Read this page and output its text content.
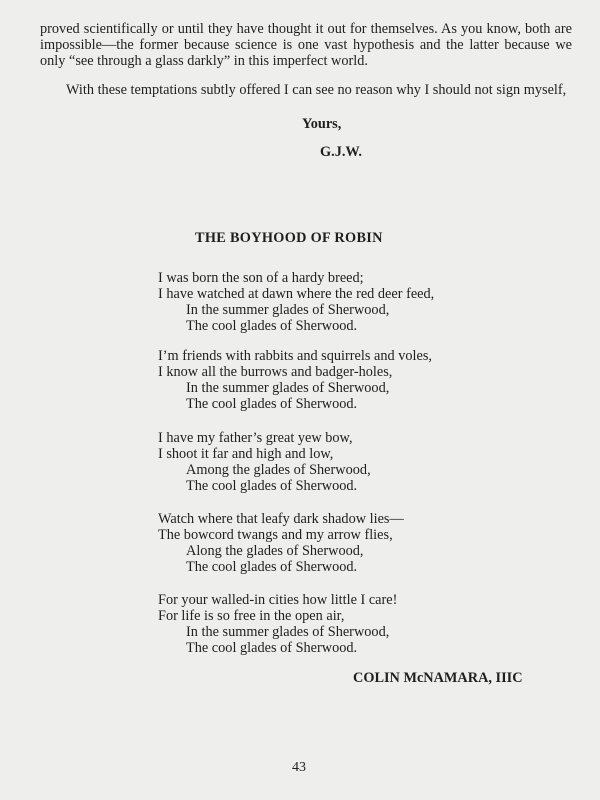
proved scientifically or until they have thought it out for themselves. As you know, both are impossible—the former because science is one vast hypothesis and the latter because we only “see through a glass darkly” in this imperfect world.

With these temptations subtly offered I can see no reason why I should not sign myself,

Yours,
G.J.W.
THE BOYHOOD OF ROBIN
I was born the son of a hardy breed;
I have watched at dawn where the red deer feed,
In the summer glades of Sherwood,
The cool glades of Sherwood.
I’m friends with rabbits and squirrels and voles,
I know all the burrows and badger-holes,
In the summer glades of Sherwood,
The cool glades of Sherwood.
I have my father’s great yew bow,
I shoot it far and high and low,
Among the glades of Sherwood,
The cool glades of Sherwood.
Watch where that leafy dark shadow lies—
The bowcord twangs and my arrow flies,
Along the glades of Sherwood,
The cool glades of Sherwood.
For your walled-in cities how little I care!
For life is so free in the open air,
In the summer glades of Sherwood,
The cool glades of Sherwood.
COLIN McNAMARA, IIIC
43
